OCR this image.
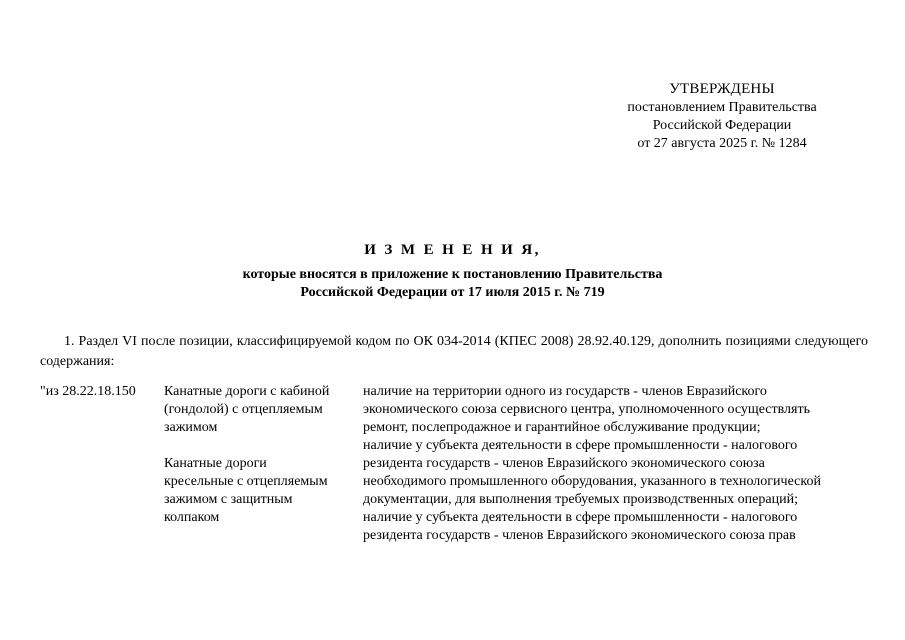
УТВЕРЖДЕНЫ
постановлением Правительства
Российской Федерации
от 27 августа 2025 г. № 1284
И З М Е Н Е Н И Я,
которые вносятся в приложение к постановлению Правительства
Российской Федерации от 17 июля 2015 г. № 719
1. Раздел VI после позиции, классифицируемой кодом по ОК 034-2014 (КПЕС 2008) 28.92.40.129, дополнить позициями следующего содержания:
"из 28.22.18.150	Канатные дороги с кабиной
(гондолой) с отцепляемым
зажимом
Канатные дороги
кресельные с отцепляемым
зажимом с защитным
колпаком
наличие на территории одного из государств - членов Евразийского
экономического союза сервисного центра, уполномоченного осуществлять
ремонт, послепродажное и гарантийное обслуживание продукции;
наличие у субъекта деятельности в сфере промышленности - налогового
резидента государств - членов Евразийского экономического союза
необходимого промышленного оборудования, указанного в технологической
документации, для выполнения требуемых производственных операций;
наличие у субъекта деятельности в сфере промышленности - налогового
резидента государств - членов Евразийского экономического союза прав
